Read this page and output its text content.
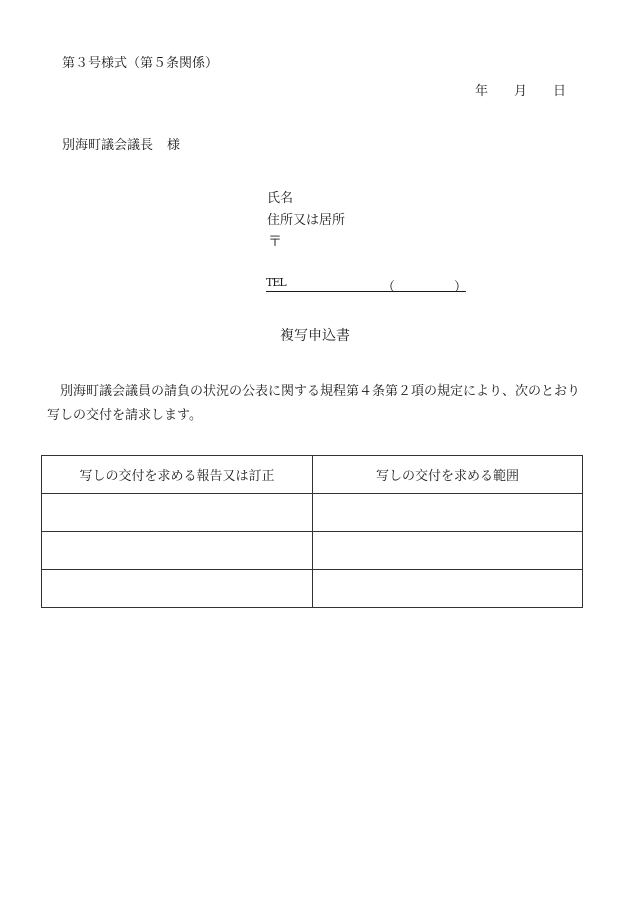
第３号様式（第５条関係）
年 月 日
別海町議会議長 様
氏名
住所又は居所
〒
TEL	（	）
複写申込書
別海町議会議員の請負の状況の公表に関する規程第４条第２項の規定により、次のとおり写しの交付を請求します。
写しの交付を求める報告又は訂正	写しの交付を求める範囲
